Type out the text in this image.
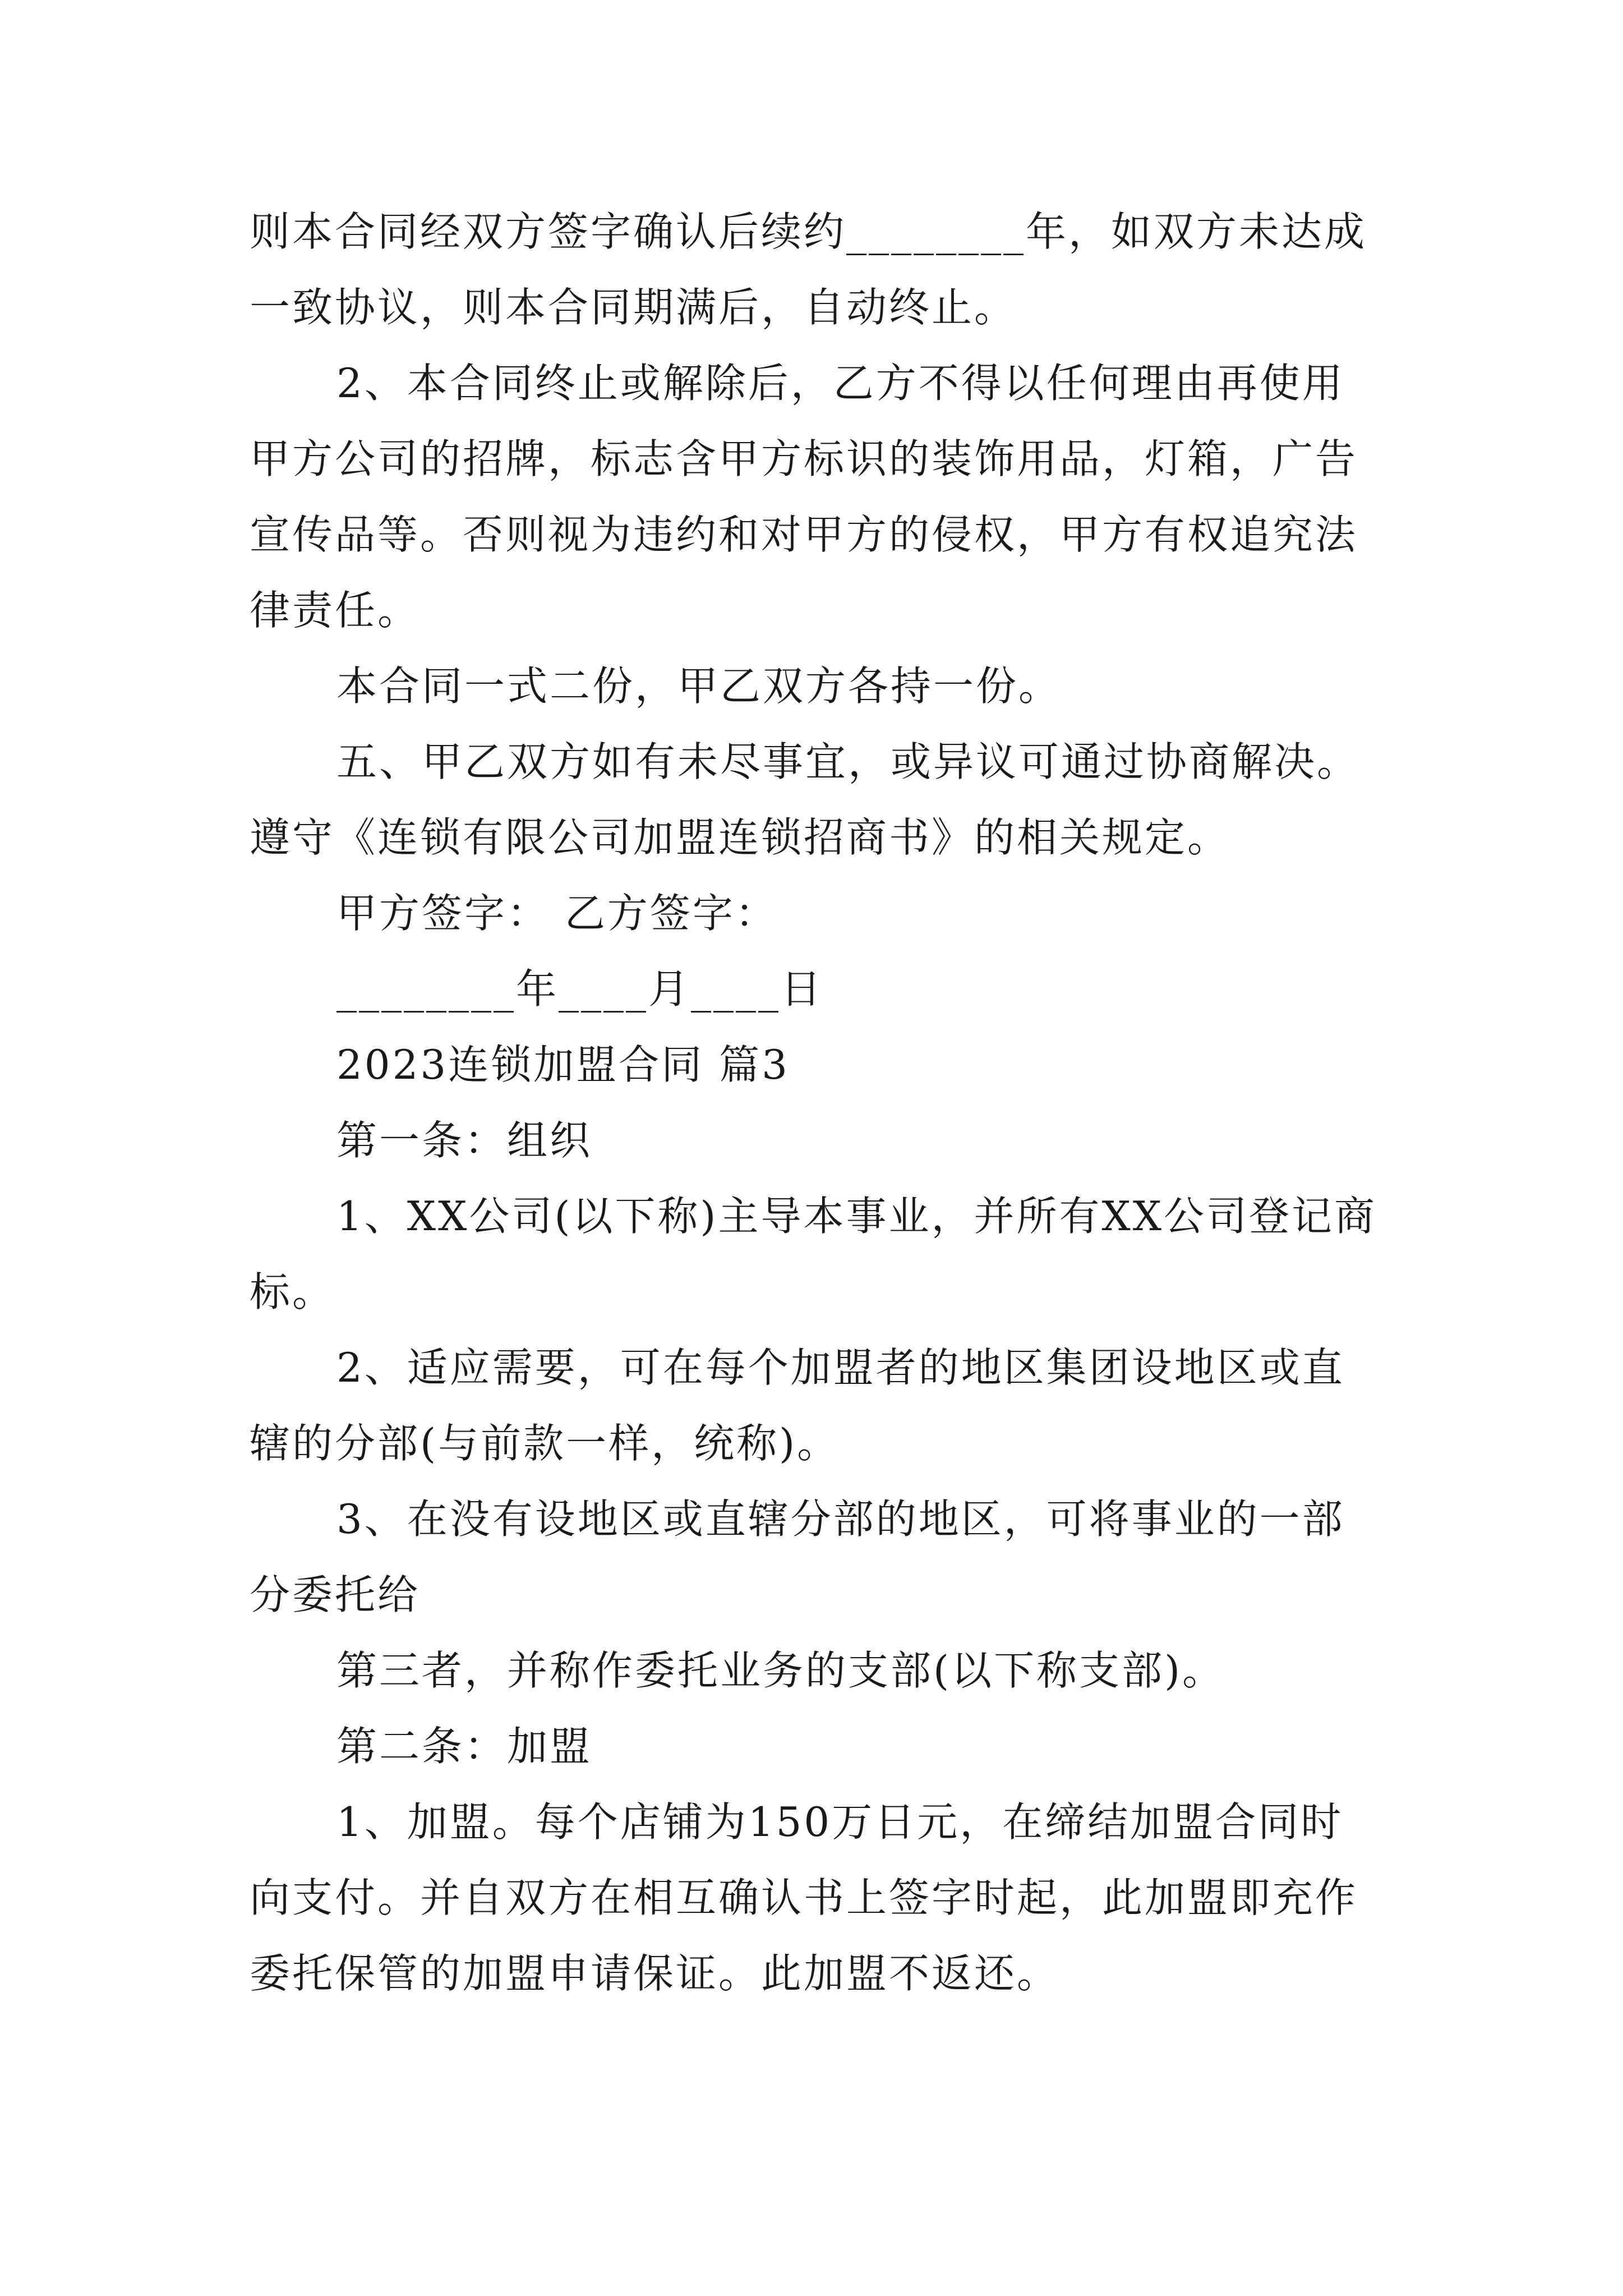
则本合同经双方签字确认后续约________年，如双方未达成
一致协议，则本合同期满后，自动终止。
2、本合同终止或解除后，乙方不得以任何理由再使用
甲方公司的招牌，标志含甲方标识的装饰用品，灯箱，广告
宣传品等。否则视为违约和对甲方的侵权，甲方有权追究法
律责任。
本合同一式二份，甲乙双方各持一份。
五、甲乙双方如有未尽事宜，或异议可通过协商解决。
遵守《连锁有限公司加盟连锁招商书》的相关规定。
甲方签字： 乙方签字：
________年____月____日
2023连锁加盟合同 篇3
第一条：组织
1、XX公司(以下称)主导本事业，并所有XX公司登记商
标。
2、适应需要，可在每个加盟者的地区集团设地区或直
辖的分部(与前款一样，统称)。
3、在没有设地区或直辖分部的地区，可将事业的一部
分委托给
第三者，并称作委托业务的支部(以下称支部)。
第二条：加盟
1、加盟。每个店铺为150万日元，在缔结加盟合同时
向支付。并自双方在相互确认书上签字时起，此加盟即充作
委托保管的加盟申请保证。此加盟不返还。
